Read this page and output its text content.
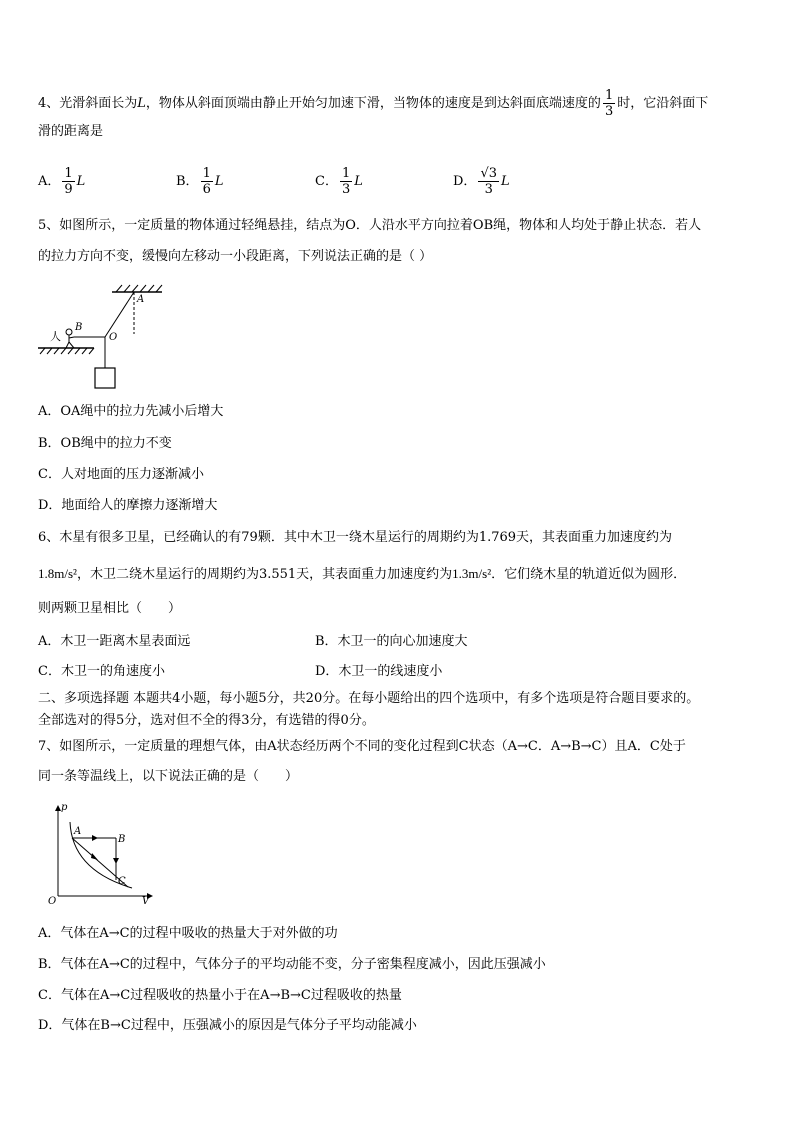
4、光滑斜面长为L，物体从斜面顶端由静止开始匀加速下滑，当物体的速度是到达斜面底端速度的 $\frac{1}{3}$ 时，它沿斜面下
滑的距离是
A． $\frac{1}{9}$ L	B． $\frac{1}{6}$ L	C． $\frac{1}{3}$ L	D． $\frac{√3}{3}$ L
5、如图所示，一定质量的物体通过轻绳悬挂，结点为O．人沿水平方向拉着OB绳，物体和人均处于静止状态．若人
的拉力方向不变，缓慢向左移动一小段距离，下列说法正确的是（ ）
A
B
O
人
A．OA绳中的拉力先减小后增大
B．OB绳中的拉力不变
C．人对地面的压力逐渐减小
D．地面给人的摩擦力逐渐增大
6、木星有很多卫星，已经确认的有79颗．其中木卫一绕木星运行的周期约为1.769天，其表面重力加速度约为
1.8m/s²，木卫二绕木星运行的周期约为3.551天，其表面重力加速度约为1.3m/s²．它们绕木星的轨道近似为圆形．
则两颗卫星相比（　　）
A．木卫一距离木星表面远	B．木卫一的向心加速度大
C．木卫一的角速度小	D．木卫一的线速度小
二、多项选择题 本题共4小题，每小题5分，共20分。在每小题给出的四个选项中，有多个选项是符合题目要求的。
全部选对的得5分，选对但不全的得3分，有选错的得0分。
7、如图所示，一定质量的理想气体，由A状态经历两个不同的变化过程到C状态（A→C．A→B→C）且A．C处于
同一条等温线上，以下说法正确的是（　　）
p
V
O
A
B
C
A．气体在A→C的过程中吸收的热量大于对外做的功
B．气体在A→C的过程中，气体分子的平均动能不变，分子密集程度减小，因此压强减小
C．气体在A→C过程吸收的热量小于在A→B→C过程吸收的热量
D．气体在B→C过程中，压强减小的原因是气体分子平均动能减小
